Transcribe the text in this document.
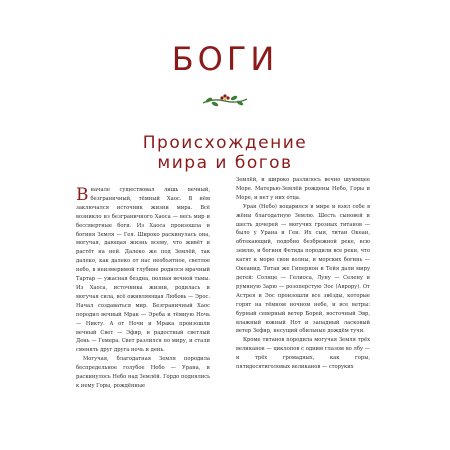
БОГИ
Происхождение
мира и богов

Вначале существовал лишь вечный, безграничный, тёмный Хаос. В нём заключался источник жизни мира. Всё возникло из безграничного Хаоса — весь мир и бессмертные боги. Из Хаоса произошла и богиня Земля — Гея. Широко раскинулась она, могучая, дающая жизнь всему, что живёт и растёт на ней. Далеко же под Землёй, так далеко, как далеко от нас необъятное, светлое небо, в неизмеримой глубине родился мрачный Тартар — ужасная бездна, полная вечной тьмы. Из Хаоса, источника жизни, родилась и могучая сила, всё оживляющая Любовь — Эрос. Начал создаваться мир. Безграничный Хаос породил вечный Мрак — Эреба и тёмную Ночь — Никту. А от Ночи и Мрака произошли вечный Свет — Эфир, и радостный светлый День — Гемера. Свет разлился по миру, и стали сменять друг друга ночь и день.

Могучая, благодатная Земля породила беспредельное голубое Небо — Урана, и раскинулось Небо над Землёй. Гордо поднялись к нему Горы, рождённые

Землёй, и широко разлилось вечно шумящее Море. Матерью-Землёй рождены Небо, Горы и Море, и нет у них отца.

Уран (Небо) воцарился в мире и взял себе в жёны благодатную Землю. Шесть сыновей и шесть дочерей — могучих грозных титанов — было у Урана и Геи. Их сын, титан Океан, обтекающий, подобно безбрежной реке, всю землю, и богиня Фетида породили все реки, что катят к морю свои волны, и морских богинь — Океанид. Титан же Гиперион и Тейя дали миру детей: Солнце — Гелиоса, Луну — Селену и румяную Зарю — розоперстую Эос (Аврору). От Астрея и Эос произошли все звёзды, которые горят на тёмном ночном небе, и все ветры: бурный северный ветер Борей, восточный Эвр, влажный южный Нот и западный ласковый ветер Зефир, несущий обильные дождём тучи.

Кроме титанов породила могучая Земля трёх великанов — циклопов с одним глазом во лбу — и трёх громадных, как горы, пятидесятиголовых великанов — сторуких
